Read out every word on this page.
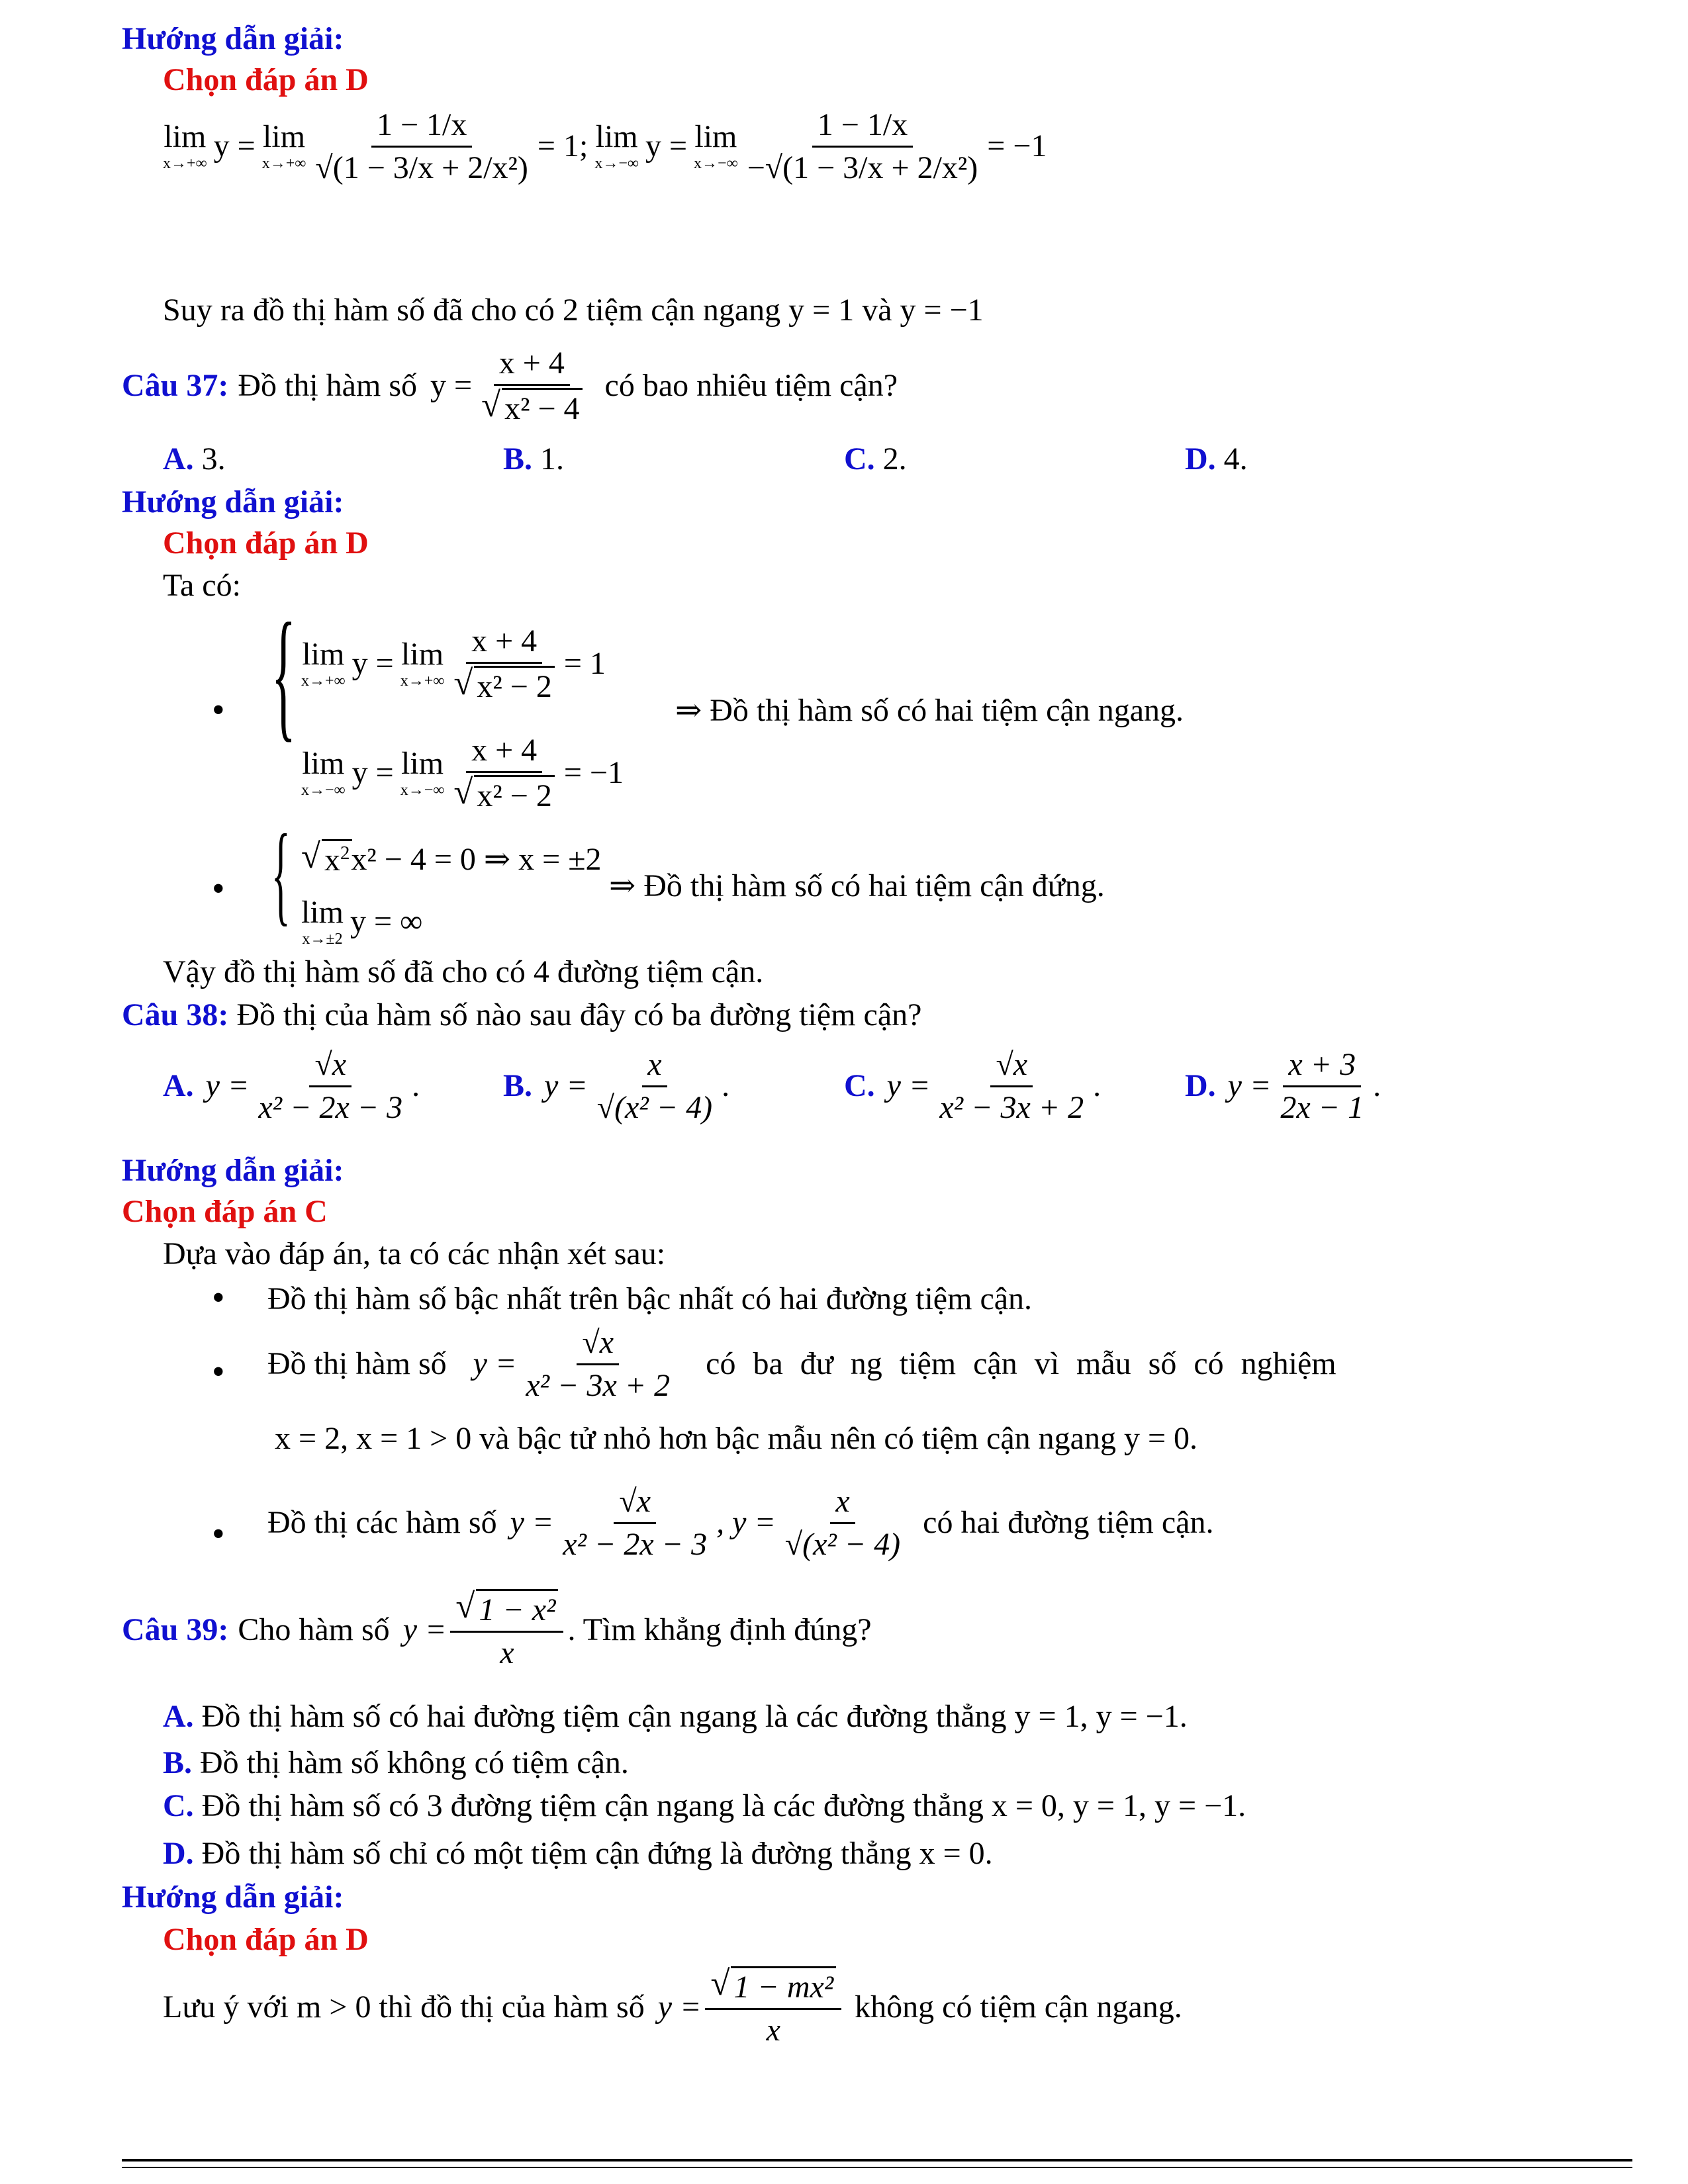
Hướng dẫn giải:
Chọn đáp án D
lim
x→+∞ y = lim
$x\to+\infty \frac{1 - 1/x}{\text{√(1 − 3/x + 2/x²)}} = 1$; lim
x→−∞ y = lim
$x\to-\infty \frac{1 - 1/x}{\text{−√(1 − 3/x + 2/x²)}} = -1$
Suy ra đồ thị hàm số đã cho có 2 tiệm cận ngang y = 1 và y = −1
Câu 37: Đồ thị hàm số $y = \frac{x + 4}{\text{√ x² − 4}}$ có bao nhiêu tiệm cận?
A. 3.	B. 1.	C. 2.	D. 4.
Hướng dẫn giải:
Chọn đáp án D
Ta có:
• { lim
x→+∞ y = lim
$x\to+\infty \frac{x + 4}{\text{√ x² − 2}} = 1$
lim
x→−∞ y = lim
$x\to-\infty \frac{x + 4}{\text{√ x² − 2}} = -1$
⇒ Đồ thị hàm số có hai tiệm cận ngang.
• { √ $x^2$ x² − 4 = 0 ⇒ x = ±2
lim
x→±2 y = ∞
⇒ Đồ thị hàm số có hai tiệm cận đứng.
Vậy đồ thị hàm số đã cho có 4 đường tiệm cận.
Câu 38: Đồ thị của hàm số nào sau đây có ba đường tiệm cận?
A. $y = \frac{√x}{\text{x² − 2x − 3}}$ .	B. $y = \frac{x}{\text{√(x² − 4)}}$ .	C. $y = \frac{√x}{\text{x² − 3x + 2}}$ .	D. $y = \frac{x + 3}{2x - 1}$ .
Hướng dẫn giải:
Chọn đáp án C
Dựa vào đáp án, ta có các nhận xét sau:
• Đồ thị hàm số bậc nhất trên bậc nhất có hai đường tiệm cận.
• Đồ thị hàm số $y = \frac{√x}{\text{x² − 3x + 2}}$ có ba đư ng tiệm cận vì mẫu số có nghiệm
x = 2, x = 1 > 0 và bậc tử nhỏ hơn bậc mẫu nên có tiệm cận ngang y = 0.
• Đồ thị các hàm số $y = \frac{√x}{\text{x² − 2x − 3}}$ , $y = \frac{x}{\text{√(x² − 4)}}$ có hai đường tiệm cận.
Câu 39: Cho hàm số $y = \frac{\text{√ 1 − x²}}{x}$ . Tìm khẳng định đúng?
A. Đồ thị hàm số có hai đường tiệm cận ngang là các đường thẳng y = 1, y = −1.
B. Đồ thị hàm số không có tiệm cận.
C. Đồ thị hàm số có 3 đường tiệm cận ngang là các đường thẳng x = 0, y = 1, y = −1.
D. Đồ thị hàm số chỉ có một tiệm cận đứng là đường thẳng x = 0.
Hướng dẫn giải:
Chọn đáp án D
Lưu ý với m > 0 thì đồ thị của hàm số $y = \frac{\text{√ 1 − mx²}}{x}$ không có tiệm cận ngang.
